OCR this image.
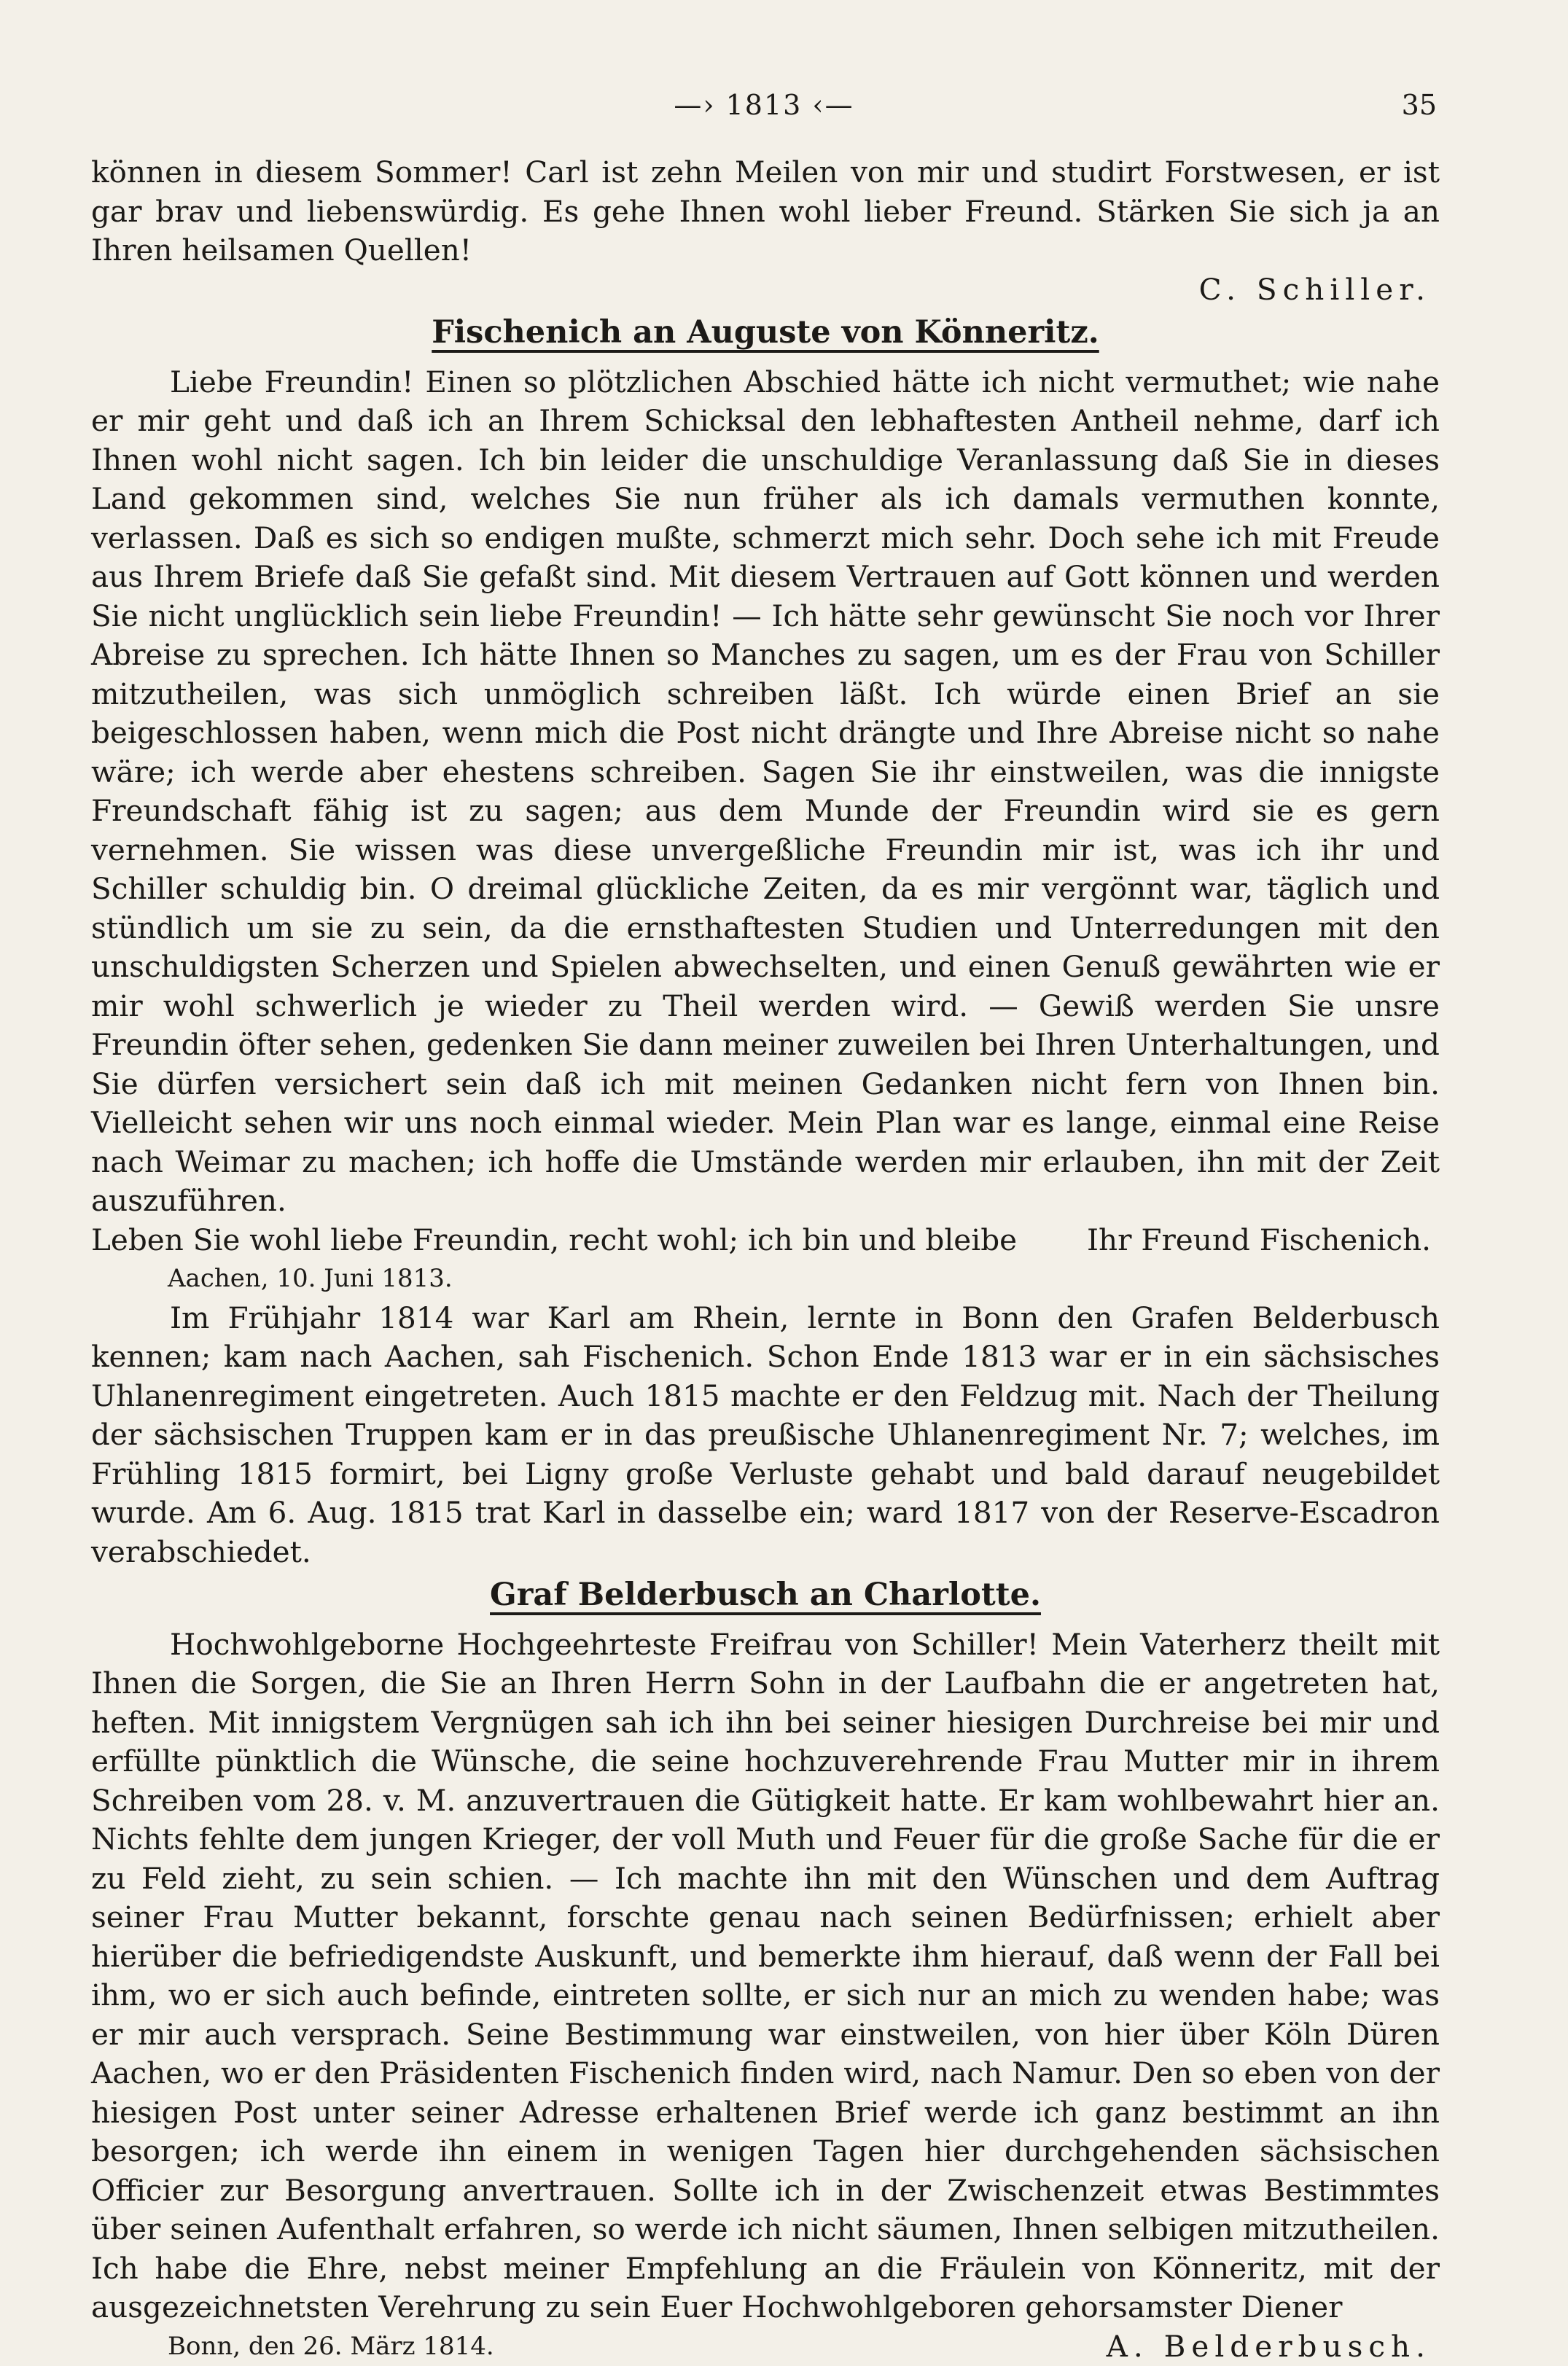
—› 1813 ‹—	35

können in diesem Sommer! Carl ist zehn Meilen von mir und studirt Forstwesen, er ist gar brav und liebenswürdig. Es gehe Ihnen wohl lieber Freund. Stärken Sie sich ja an Ihren heilsamen Quellen!

C. Schiller.

Fischenich an Auguste von Könneritz.

Liebe Freundin! Einen so plötzlichen Abschied hätte ich nicht vermuthet; wie nahe er mir geht und daß ich an Ihrem Schicksal den lebhaftesten Antheil nehme, darf ich Ihnen wohl nicht sagen. Ich bin leider die unschuldige Veranlassung daß Sie in dieses Land gekommen sind, welches Sie nun früher als ich damals vermuthen konnte, verlassen. Daß es sich so endigen mußte, schmerzt mich sehr. Doch sehe ich mit Freude aus Ihrem Briefe daß Sie gefaßt sind. Mit diesem Vertrauen auf Gott können und werden Sie nicht unglücklich sein liebe Freundin! — Ich hätte sehr gewünscht Sie noch vor Ihrer Abreise zu sprechen. Ich hätte Ihnen so Manches zu sagen, um es der Frau von Schiller mitzutheilen, was sich unmöglich schreiben läßt. Ich würde einen Brief an sie beigeschlossen haben, wenn mich die Post nicht drängte und Ihre Abreise nicht so nahe wäre; ich werde aber ehestens schreiben. Sagen Sie ihr einstweilen, was die innigste Freundschaft fähig ist zu sagen; aus dem Munde der Freundin wird sie es gern vernehmen. Sie wissen was diese unvergeßliche Freundin mir ist, was ich ihr und Schiller schuldig bin. O dreimal glückliche Zeiten, da es mir vergönnt war, täglich und stündlich um sie zu sein, da die ernsthaftesten Studien und Unterredungen mit den unschuldigsten Scherzen und Spielen abwechselten, und einen Genuß gewährten wie er mir wohl schwerlich je wieder zu Theil werden wird. — Gewiß werden Sie unsre Freundin öfter sehen, gedenken Sie dann meiner zuweilen bei Ihren Unterhaltungen, und Sie dürfen versichert sein daß ich mit meinen Gedanken nicht fern von Ihnen bin. Vielleicht sehen wir uns noch einmal wieder. Mein Plan war es lange, einmal eine Reise nach Weimar zu machen; ich hoffe die Umstände werden mir erlauben, ihn mit der Zeit auszuführen.

Leben Sie wohl liebe Freundin, recht wohl; ich bin und bleibe Ihr Freund Fischenich.

Aachen, 10. Juni 1813.

Im Frühjahr 1814 war Karl am Rhein, lernte in Bonn den Grafen Belderbusch kennen; kam nach Aachen, sah Fischenich. Schon Ende 1813 war er in ein sächsisches Uhlanenregiment eingetreten. Auch 1815 machte er den Feldzug mit. Nach der Theilung der sächsischen Truppen kam er in das preußische Uhlanenregiment Nr. 7; welches, im Frühling 1815 formirt, bei Ligny große Verluste gehabt und bald darauf neugebildet wurde. Am 6. Aug. 1815 trat Karl in dasselbe ein; ward 1817 von der Reserve-Escadron verabschiedet.

Graf Belderbusch an Charlotte.

Hochwohlgeborne Hochgeehrteste Freifrau von Schiller! Mein Vaterherz theilt mit Ihnen die Sorgen, die Sie an Ihren Herrn Sohn in der Laufbahn die er angetreten hat, heften. Mit innigstem Vergnügen sah ich ihn bei seiner hiesigen Durchreise bei mir und erfüllte pünktlich die Wünsche, die seine hochzuverehrende Frau Mutter mir in ihrem Schreiben vom 28. v. M. anzuvertrauen die Gütigkeit hatte. Er kam wohlbewahrt hier an. Nichts fehlte dem jungen Krieger, der voll Muth und Feuer für die große Sache für die er zu Feld zieht, zu sein schien. — Ich machte ihn mit den Wünschen und dem Auftrag seiner Frau Mutter bekannt, forschte genau nach seinen Bedürfnissen; erhielt aber hierüber die befriedigendste Auskunft, und bemerkte ihm hierauf, daß wenn der Fall bei ihm, wo er sich auch befinde, eintreten sollte, er sich nur an mich zu wenden habe; was er mir auch versprach. Seine Bestimmung war einstweilen, von hier über Köln Düren Aachen, wo er den Präsidenten Fischenich finden wird, nach Namur. Den so eben von der hiesigen Post unter seiner Adresse erhaltenen Brief werde ich ganz bestimmt an ihn besorgen; ich werde ihn einem in wenigen Tagen hier durchgehenden sächsischen Officier zur Besorgung anvertrauen. Sollte ich in der Zwischenzeit etwas Bestimmtes über seinen Aufenthalt erfahren, so werde ich nicht säumen, Ihnen selbigen mitzutheilen. Ich habe die Ehre, nebst meiner Empfehlung an die Fräulein von Könneritz, mit der ausgezeichnetsten Verehrung zu sein Euer Hochwohlgeboren gehorsamster Diener

Bonn, den 26. März 1814.	A. Belderbusch.
